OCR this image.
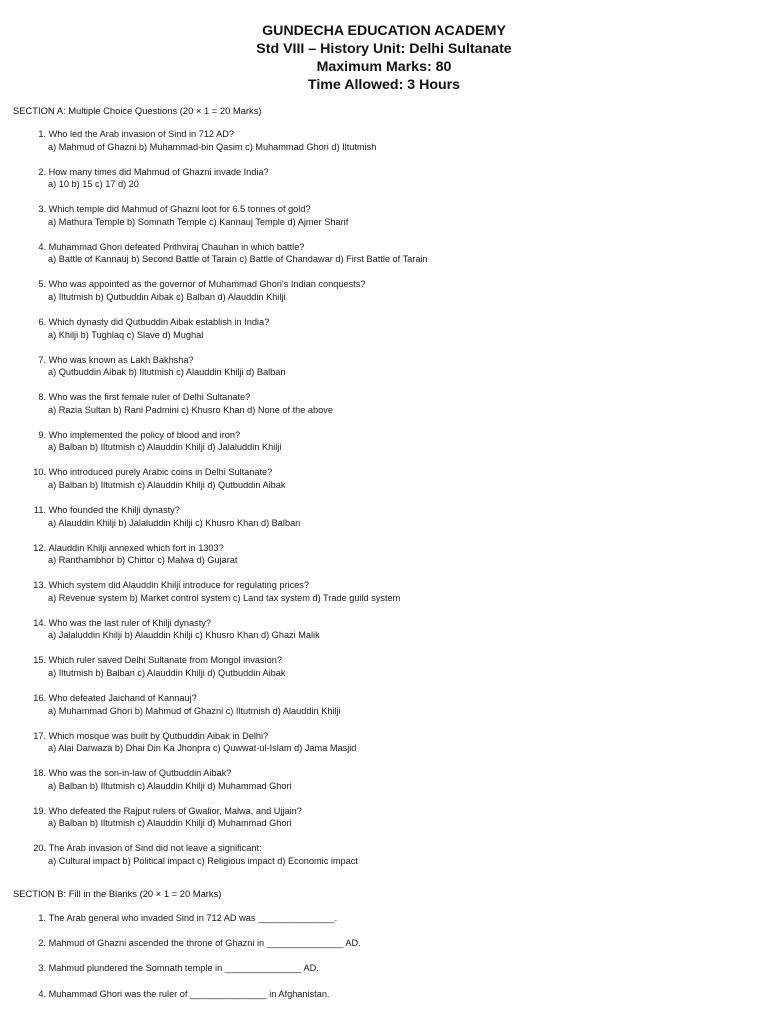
GUNDECHA EDUCATION ACADEMY
Std VIII – History Unit: Delhi Sultanate
Maximum Marks: 80
Time Allowed: 3 Hours
SECTION A: Multiple Choice Questions (20 × 1 = 20 Marks)
1. Who led the Arab invasion of Sind in 712 AD?
a) Mahmud of Ghazni b) Muhammad-bin Qasim c) Muhammad Ghori d) Iltutmish
2. How many times did Mahmud of Ghazni invade India?
a) 10 b) 15 c) 17 d) 20
3. Which temple did Mahmud of Ghazni loot for 6.5 tonnes of gold?
a) Mathura Temple b) Somnath Temple c) Kannauj Temple d) Ajmer Sharif
4. Muhammad Ghori defeated Prithviraj Chauhan in which battle?
a) Battle of Kannauj b) Second Battle of Tarain c) Battle of Chandawar d) First Battle of Tarain
5. Who was appointed as the governor of Muhammad Ghori's Indian conquests?
a) Iltutmish b) Qutbuddin Aibak c) Balban d) Alauddin Khilji
6. Which dynasty did Qutbuddin Aibak establish in India?
a) Khilji b) Tughlaq c) Slave d) Mughal
7. Who was known as Lakh Bakhsha?
a) Qutbuddin Aibak b) Iltutmish c) Alauddin Khilji d) Balban
8. Who was the first female ruler of Delhi Sultanate?
a) Razia Sultan b) Rani Padmini c) Khusro Khan d) None of the above
9. Who implemented the policy of blood and iron?
a) Balban b) Iltutmish c) Alauddin Khilji d) Jalaluddin Khilji
10. Who introduced purely Arabic coins in Delhi Sultanate?
a) Balban b) Iltutmish c) Alauddin Khilji d) Qutbuddin Aibak
11. Who founded the Khilji dynasty?
a) Alauddin Khilji b) Jalaluddin Khilji c) Khusro Khan d) Balban
12. Alauddin Khilji annexed which fort in 1303?
a) Ranthambhor b) Chittor c) Malwa d) Gujarat
13. Which system did Alauddin Khilji introduce for regulating prices?
a) Revenue system b) Market control system c) Land tax system d) Trade guild system
14. Who was the last ruler of Khilji dynasty?
a) Jalaluddin Khilji b) Alauddin Khilji c) Khusro Khan d) Ghazi Malik
15. Which ruler saved Delhi Sultanate from Mongol invasion?
a) Iltutmish b) Balban c) Alauddin Khilji d) Qutbuddin Aibak
16. Who defeated Jaichand of Kannauj?
a) Muhammad Ghori b) Mahmud of Ghazni c) Iltutmish d) Alauddin Khilji
17. Which mosque was built by Qutbuddin Aibak in Delhi?
a) Alai Darwaza b) Dhai Din Ka Jhonpra c) Quwwat-ul-Islam d) Jama Masjid
18. Who was the son-in-law of Qutbuddin Aibak?
a) Balban b) Iltutmish c) Alauddin Khilji d) Muhammad Ghori
19. Who defeated the Rajput rulers of Gwalior, Malwa, and Ujjain?
a) Balban b) Iltutmish c) Alauddin Khilji d) Muhammad Ghori
20. The Arab invasion of Sind did not leave a significant:
a) Cultural impact b) Political impact c) Religious impact d) Economic impact
SECTION B: Fill in the Blanks (20 × 1 = 20 Marks)
1. The Arab general who invaded Sind in 712 AD was _______________.
2. Mahmud of Ghazni ascended the throne of Ghazni in _______________ AD.
3. Mahmud plundered the Somnath temple in _______________ AD.
4. Muhammad Ghori was the ruler of _______________ in Afghanistan.
